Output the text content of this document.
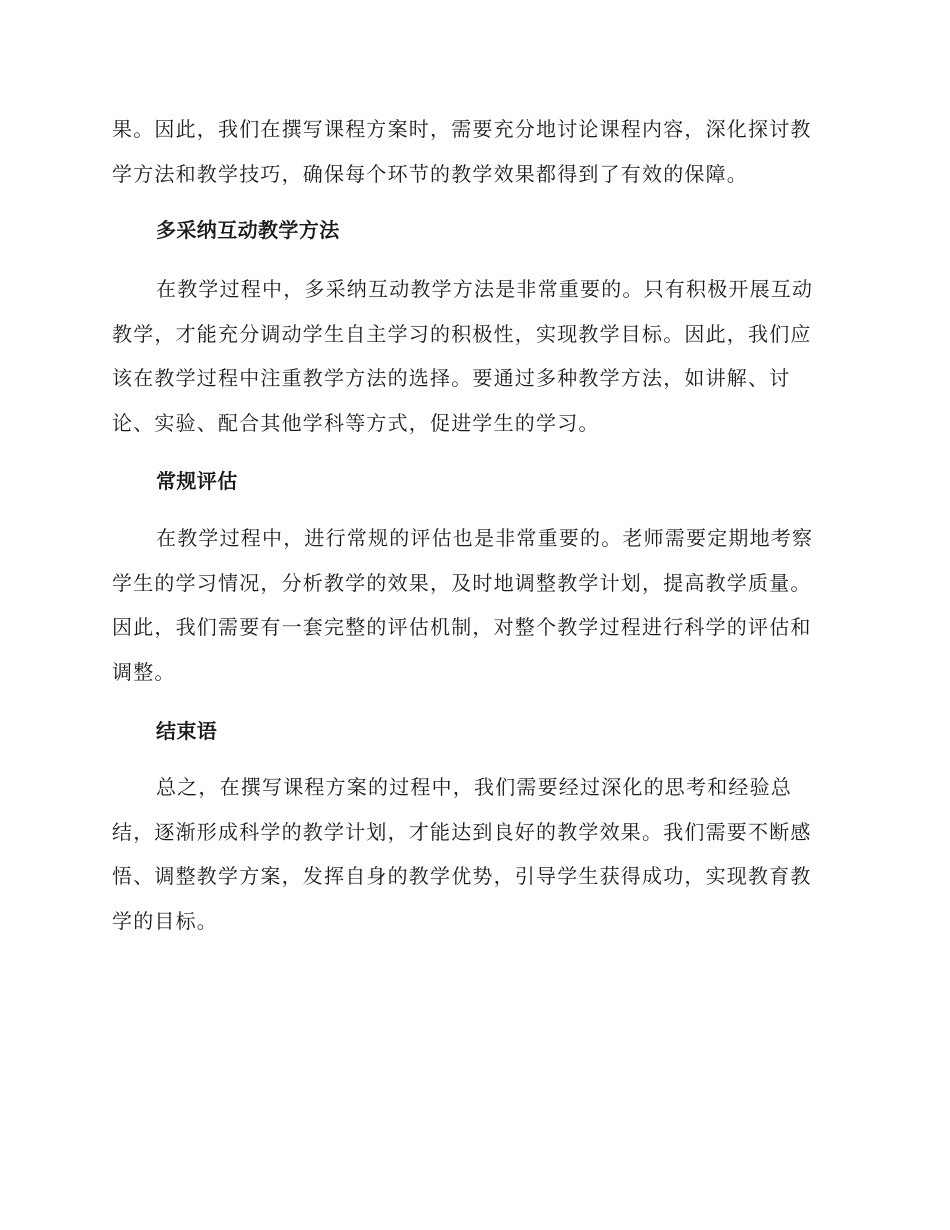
果。因此，我们在撰写课程方案时，需要充分地讨论课程内容，深化探讨教学方法和教学技巧，确保每个环节的教学效果都得到了有效的保障。

多采纳互动教学方法

在教学过程中，多采纳互动教学方法是非常重要的。只有积极开展互动教学，才能充分调动学生自主学习的积极性，实现教学目标。因此，我们应该在教学过程中注重教学方法的选择。要通过多种教学方法，如讲解、讨论、实验、配合其他学科等方式，促进学生的学习。

常规评估

在教学过程中，进行常规的评估也是非常重要的。老师需要定期地考察学生的学习情况，分析教学的效果，及时地调整教学计划，提高教学质量。因此，我们需要有一套完整的评估机制，对整个教学过程进行科学的评估和调整。

结束语

总之，在撰写课程方案的过程中，我们需要经过深化的思考和经验总结，逐渐形成科学的教学计划，才能达到良好的教学效果。我们需要不断感悟、调整教学方案，发挥自身的教学优势，引导学生获得成功，实现教育教学的目标。
